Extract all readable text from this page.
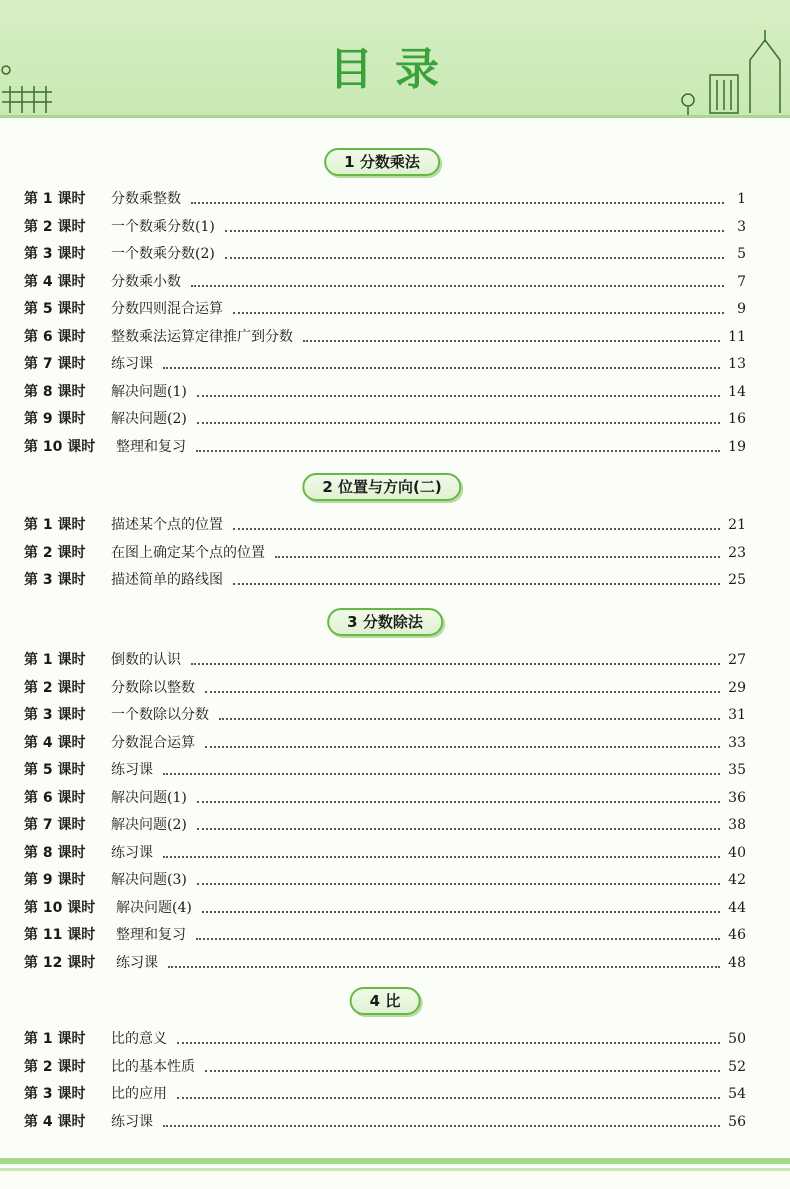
目录
1 分数乘法
第 1 课时	分数乘整数	1
第 2 课时	一个数乘分数(1)	3
第 3 课时	一个数乘分数(2)	5
第 4 课时	分数乘小数	7
第 5 课时	分数四则混合运算	9
第 6 课时	整数乘法运算定律推广到分数	11
第 7 课时	练习课	13
第 8 课时	解决问题(1)	14
第 9 课时	解决问题(2)	16
第 10 课时	整理和复习	19
2 位置与方向(二)
第 1 课时	描述某个点的位置	21
第 2 课时	在图上确定某个点的位置	23
第 3 课时	描述简单的路线图	25
3 分数除法
第 1 课时	倒数的认识	27
第 2 课时	分数除以整数	29
第 3 课时	一个数除以分数	31
第 4 课时	分数混合运算	33
第 5 课时	练习课	35
第 6 课时	解决问题(1)	36
第 7 课时	解决问题(2)	38
第 8 课时	练习课	40
第 9 课时	解决问题(3)	42
第 10 课时	解决问题(4)	44
第 11 课时	整理和复习	46
第 12 课时	练习课	48
4 比
第 1 课时	比的意义	50
第 2 课时	比的基本性质	52
第 3 课时	比的应用	54
第 4 课时	练习课	56
